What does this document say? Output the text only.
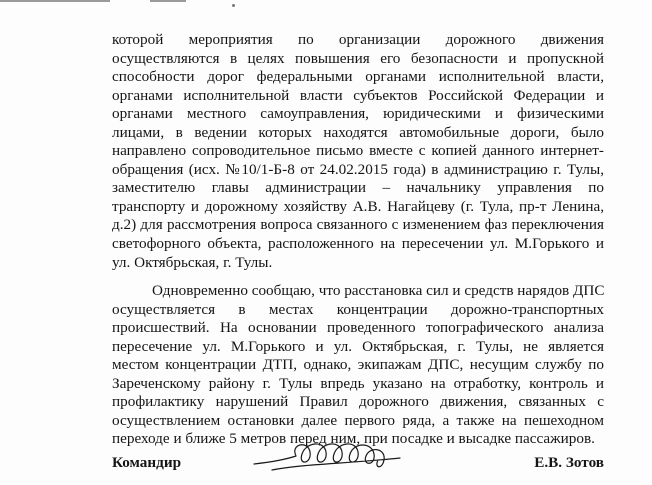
которой мероприятия по организации дорожного движения
осуществляются в целях повышения его безопасности и пропускной
способности дорог федеральными органами исполнительной власти,
органами исполнительной власти субъектов Российской Федерации и
органами местного самоуправления, юридическими и физическими
лицами, в ведении которых находятся автомобильные дороги, было
направлено сопроводительное письмо вместе с копией данного интернет-
обращения (исх. №10/1-Б-8 от 24.02.2015 года) в администрацию г. Тулы,
заместителю главы администрации – начальнику управления по
транспорту и дорожному хозяйству А.В. Нагайцеву (г. Тула, пр-т Ленина,
д.2) для рассмотрения вопроса связанного с изменением фаз переключения
светофорного объекта, расположенного на пересечении ул. М.Горького и
ул. Октябрьская, г. Тулы.
Одновременно сообщаю, что расстановка сил и средств нарядов ДПС
осуществляется в местах концентрации дорожно-транспортных
происшествий. На основании проведенного топографического анализа
пересечение ул. М.Горького и ул. Октябрьская, г. Тулы, не является
местом концентрации ДТП, однако, экипажам ДПС, несущим службу по
Зареченскому району г. Тулы впредь указано на отработку, контроль и
профилактику нарушений Правил дорожного движения, связанных с
осуществлением остановки далее первого ряда, а также на пешеходном
переходе и ближе 5 метров перед ним, при посадке и высадке пассажиров.
Командир	Е.В. Зотов
